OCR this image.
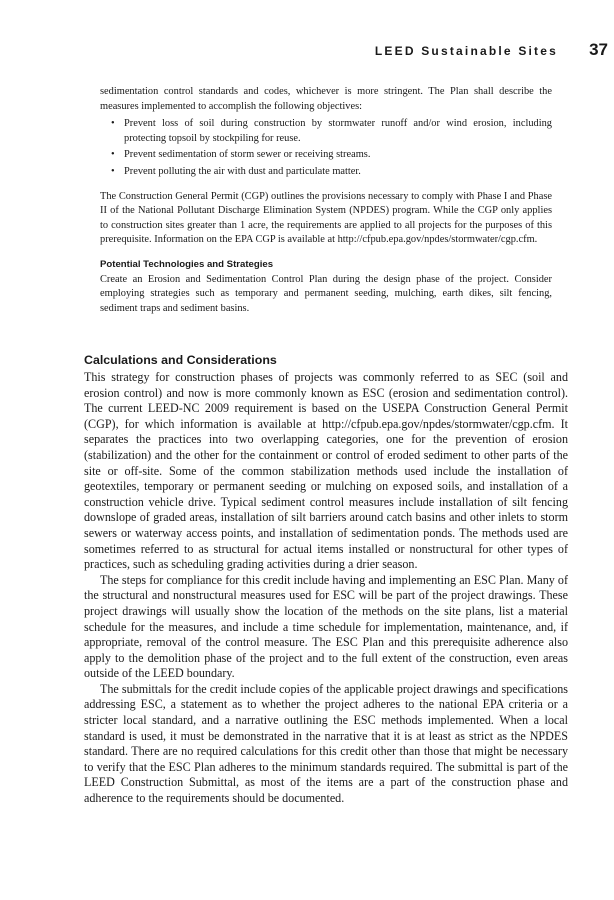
LEED Sustainable Sites 37

sedimentation control standards and codes, whichever is more stringent. The Plan shall describe the measures implemented to accomplish the following objectives:

• Prevent loss of soil during construction by stormwater runoff and/or wind erosion, including protecting topsoil by stockpiling for reuse.
• Prevent sedimentation of storm sewer or receiving streams.
• Prevent polluting the air with dust and particulate matter.

The Construction General Permit (CGP) outlines the provisions necessary to comply with Phase I and Phase II of the National Pollutant Discharge Elimination System (NPDES) program. While the CGP only applies to construction sites greater than 1 acre, the requirements are applied to all projects for the purposes of this prerequisite. Information on the EPA CGP is available at http://cfpub.epa.gov/npdes/stormwater/cgp.cfm.

Potential Technologies and Strategies

Create an Erosion and Sedimentation Control Plan during the design phase of the project. Consider employing strategies such as temporary and permanent seeding, mulching, earth dikes, silt fencing, sediment traps and sediment basins.

Calculations and Considerations

This strategy for construction phases of projects was commonly referred to as SEC (soil and erosion control) and now is more commonly known as ESC (erosion and sedimentation control). The current LEED-NC 2009 requirement is based on the USEPA Construction General Permit (CGP), for which information is available at http://cfpub.epa.gov/npdes/stormwater/cgp.cfm. It separates the practices into two overlapping categories, one for the prevention of erosion (stabilization) and the other for the containment or control of eroded sediment to other parts of the site or off-site. Some of the common stabilization methods used include the installation of geotextiles, temporary or permanent seeding or mulching on exposed soils, and installation of a construction vehicle drive. Typical sediment control measures include installation of silt fencing downslope of graded areas, installation of silt barriers around catch basins and other inlets to storm sewers or waterway access points, and installation of sedimentation ponds. The methods used are sometimes referred to as structural for actual items installed or nonstructural for other types of practices, such as scheduling grading activities during a drier season.

The steps for compliance for this credit include having and implementing an ESC Plan. Many of the structural and nonstructural measures used for ESC will be part of the project drawings. These project drawings will usually show the location of the methods on the site plans, list a material schedule for the measures, and include a time schedule for implementation, maintenance, and, if appropriate, removal of the control measure. The ESC Plan and this prerequisite adherence also apply to the demolition phase of the project and to the full extent of the construction, even areas outside of the LEED boundary.

The submittals for the credit include copies of the applicable project drawings and specifications addressing ESC, a statement as to whether the project adheres to the national EPA criteria or a stricter local standard, and a narrative outlining the ESC methods implemented. When a local standard is used, it must be demonstrated in the narrative that it is at least as strict as the NPDES standard. There are no required calculations for this credit other than those that might be necessary to verify that the ESC Plan adheres to the minimum standards required. The submittal is part of the LEED Construction Submittal, as most of the items are a part of the construction phase and adherence to the requirements should be documented.
